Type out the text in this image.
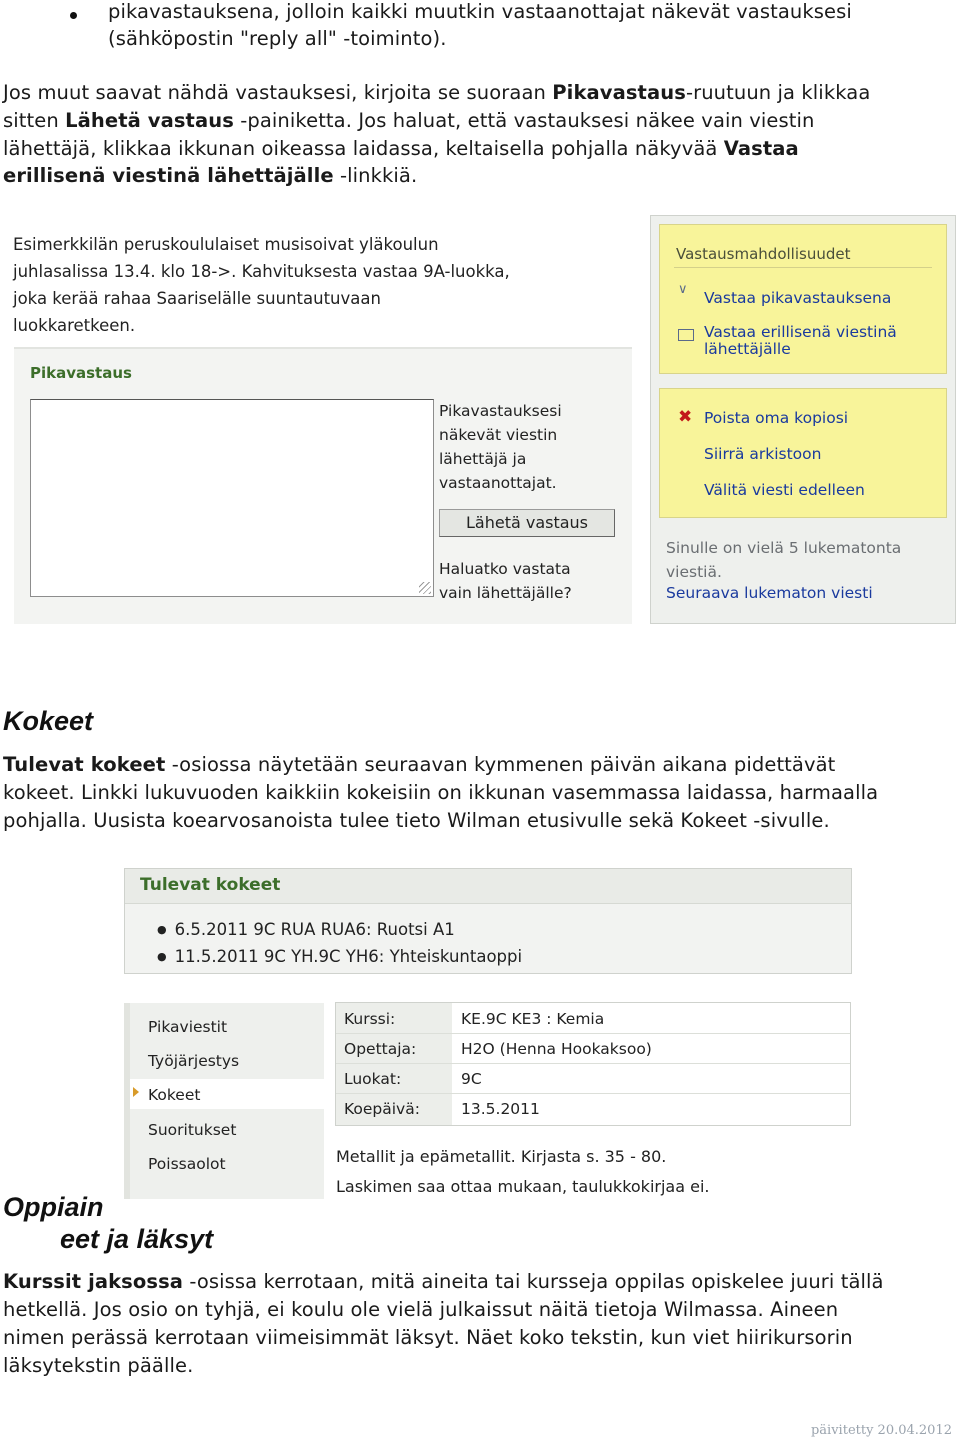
pikavastauksena, jolloin kaikki muutkin vastaanottajat näkevät vastauksesi
(sähköpostin "reply all" -toiminto).
Jos muut saavat nähdä vastauksesi, kirjoita se suoraan Pikavastaus-ruutuun ja klikkaa
sitten Lähetä vastaus -painiketta. Jos haluat, että vastauksesi näkee vain viestin
lähettäjä, klikkaa ikkunan oikeassa laidassa, keltaisella pohjalla näkyvää Vastaa
erillisenä viestinä lähettäjälle -linkkiä.
Esimerkkilän peruskoululaiset musisoivat yläkoulun
juhlasalissa 13.4. klo 18->. Kahvituksesta vastaa 9A-luokka,
joka kerää rahaa Saariselälle suuntautuvaan
luokkaretkeen.
Pikavastaus
Pikavastauksesi
näkevät viestin
lähettäjä ja
vastaanottajat.
Lähetä vastaus
Haluatko vastata
vain lähettäjälle?
Vastausmahdollisuudet
∨ Vastaa pikavastauksena
Vastaa erillisenä viestinä
lähettäjälle
✖ Poista oma kopiosi
Siirrä arkistoon
Välitä viesti edelleen
Sinulle on vielä 5 lukematonta
viestiä.
Seuraava lukematon viesti
Kokeet
Tulevat kokeet -osiossa näytetään seuraavan kymmenen päivän aikana pidettävät
kokeet. Linkki lukuvuoden kaikkiin kokeisiin on ikkunan vasemmassa laidassa, harmaalla
pohjalla. Uusista koearvosanoista tulee tieto Wilman etusivulle sekä Kokeet -sivulle.
Tulevat kokeet
● 6.5.2011 9C RUA RUA6: Ruotsi A1
● 11.5.2011 9C YH.9C YH6: Yhteiskuntaoppi
Pikaviestit
Työjärjestys
Kokeet
Suoritukset
Poissaolot
Kurssi:	KE.9C KE3 : Kemia
Opettaja:	H2O (Henna Hookaksoo)
Luokat:	9C
Koepäivä:	13.5.2011
Metallit ja epämetallit. Kirjasta s. 35 - 80.
Laskimen saa ottaa mukaan, taulukkokirjaa ei.
Oppiain
eet ja läksyt
Kurssit jaksossa -osissa kerrotaan, mitä aineita tai kursseja oppilas opiskelee juuri tällä
hetkellä. Jos osio on tyhjä, ei koulu ole vielä julkaissut näitä tietoja Wilmassa. Aineen
nimen perässä kerrotaan viimeisimmät läksyt. Näet koko tekstin, kun viet hiirikursorin
läksytekstin päälle.
päivitetty 20.04.2012
